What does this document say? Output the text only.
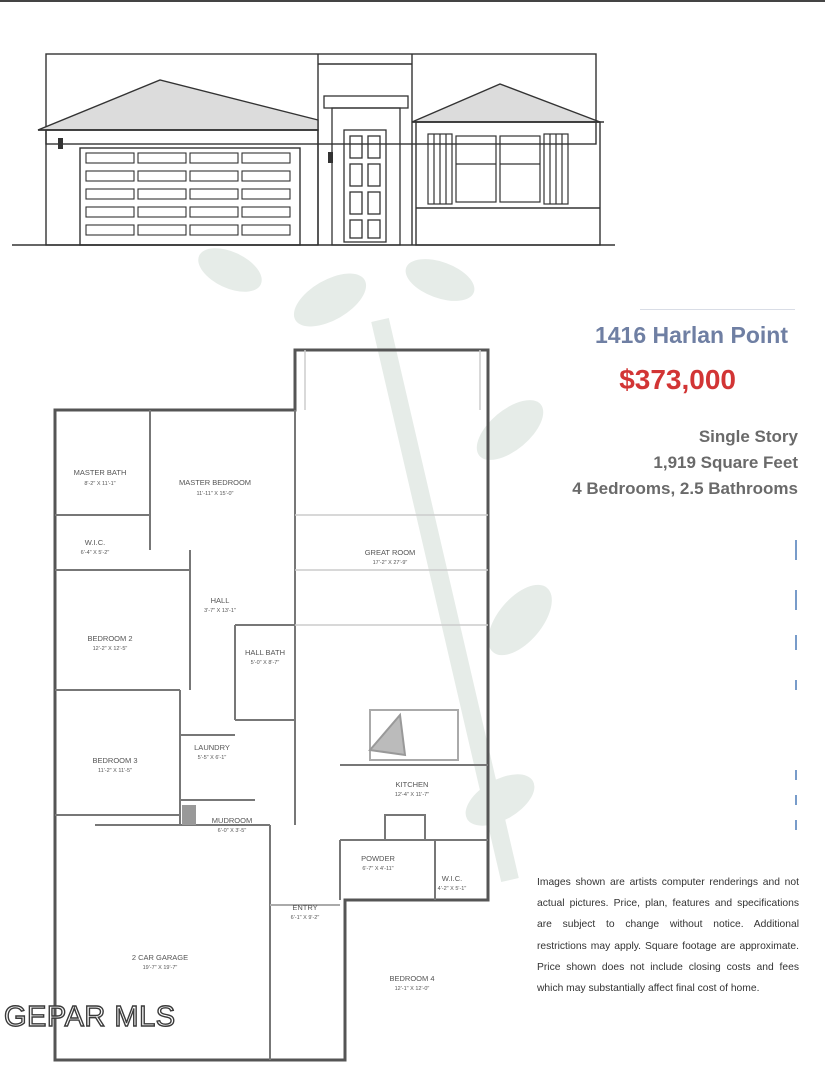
MASTER BATH
8'-2" X 11'-1"	MASTER BEDROOM
11'-11" X 15'-0"
W.I.C.
6'-4" X 5'-2"	GREAT ROOM
17'-2" X 27'-9"
HALL
3'-7" X 13'-1"
BEDROOM 2
12'-2" X 12'-5"	HALL BATH
5'-0" X 8'-7"
LAUNDRY
5'-5" X 6'-1"
BEDROOM 3
11'-2" X 11'-5"
KITCHEN
12'-4" X 11'-7"
MUDROOM
6'-0" X 3'-5"
POWDER
6'-7" X 4'-11"
W.I.C.
4'-2" X 5'-1"
ENTRY
6'-1" X 9'-2"
2 CAR GARAGE
19'-7" X 19'-7"
BEDROOM 4
12'-1" X 12'-0"
1416 Harlan Point
$373,000
Single Story
1,919 Square Feet
4 Bedrooms, 2.5 Bathrooms
Images shown are artists computer renderings and not actual pictures. Price, plan, features and specifications are subject to change without notice. Additional restrictions may apply. Square footage are approximate. Price shown does not include closing costs and fees which may substantially affect final cost of home.
GEPAR MLS
